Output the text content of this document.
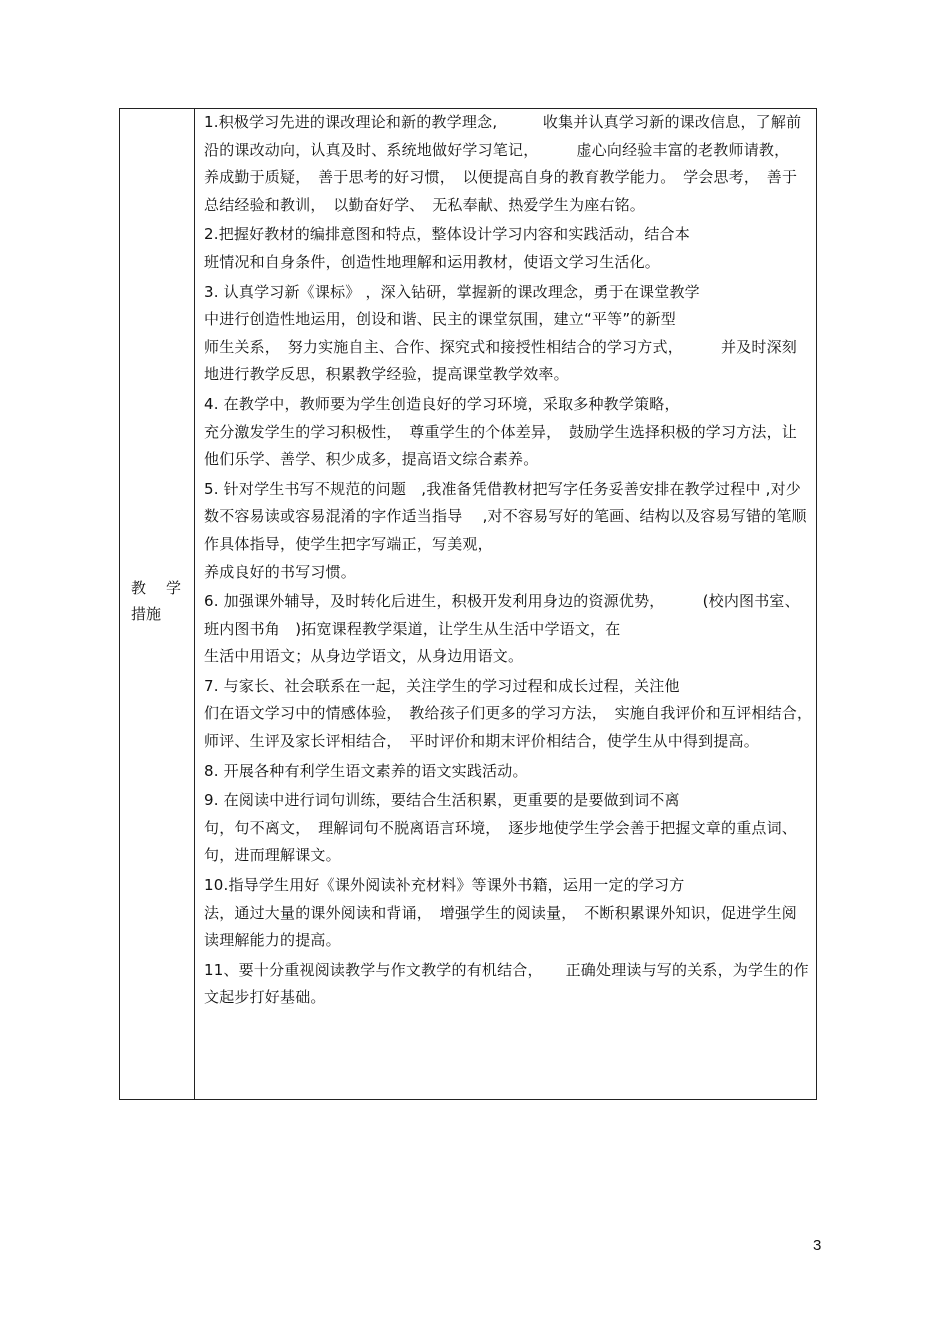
教 学
措施

1.积极学习先进的课改理论和新的教学理念,　　　收集并认真学习新的课改信息，了解前沿的课改动向，认真及时、系统地做好学习笔记，　　　虚心向经验丰富的老教师请教，　养成勤于质疑，　善于思考的好习惯，　以便提高自身的教育教学能力。　学会思考，　善于总结经验和教训，　以勤奋好学、　无私奉献、热爱学生为座右铭。

2.把握好教材的编排意图和特点，整体设计学习内容和实践活动，结合本
班情况和自身条件，创造性地理解和运用教材，使语文学习生活化。

3. 认真学习新《课标》 ，深入钻研，掌握新的课改理念，勇于在课堂教学
中进行创造性地运用，创设和谐、民主的课堂氛围，建立“平等”的新型
师生关系，　努力实施自主、合作、探究式和接授性相结合的学习方式，　　　并及时深刻地进行教学反思，积累教学经验，提高课堂教学效率。

4. 在教学中，教师要为学生创造良好的学习环境，采取多种教学策略，
充分激发学生的学习积极性，　尊重学生的个体差异，　鼓励学生选择积极的学习方法，让他们乐学、善学、积少成多，提高语文综合素养。

5. 针对学生书写不规范的问题　,我准备凭借教材把写字任务妥善安排在教学过程中 ,对少数不容易读或容易混淆的字作适当指导　 ,对不容易写好的笔画、结构以及容易写错的笔顺作具体指导，使学生把字写端正，写美观，
养成良好的书写习惯。

6. 加强课外辅导，及时转化后进生，积极开发利用身边的资源优势，　　　(校内图书室、班内图书角　)拓宽课程教学渠道，让学生从生活中学语文，在
生活中用语文；从身边学语文，从身边用语文。

7. 与家长、社会联系在一起，关注学生的学习过程和成长过程，关注他
们在语文学习中的情感体验，　教给孩子们更多的学习方法，　实施自我评价和互评相结合，　师评、生评及家长评相结合，　平时评价和期末评价相结合，使学生从中得到提高。

8. 开展各种有利学生语文素养的语文实践活动。

9. 在阅读中进行词句训练，要结合生活积累，更重要的是要做到词不离
句，句不离文，　理解词句不脱离语言环境，　逐步地使学生学会善于把握文章的重点词、句，进而理解课文。

10.指导学生用好《课外阅读补充材料》等课外书籍，运用一定的学习方
法，通过大量的课外阅读和背诵，　增强学生的阅读量，　不断积累课外知识，促进学生阅读理解能力的提高。

11、要十分重视阅读教学与作文教学的有机结合，　　正确处理读与写的关系，为学生的作文起步打好基础。

3
